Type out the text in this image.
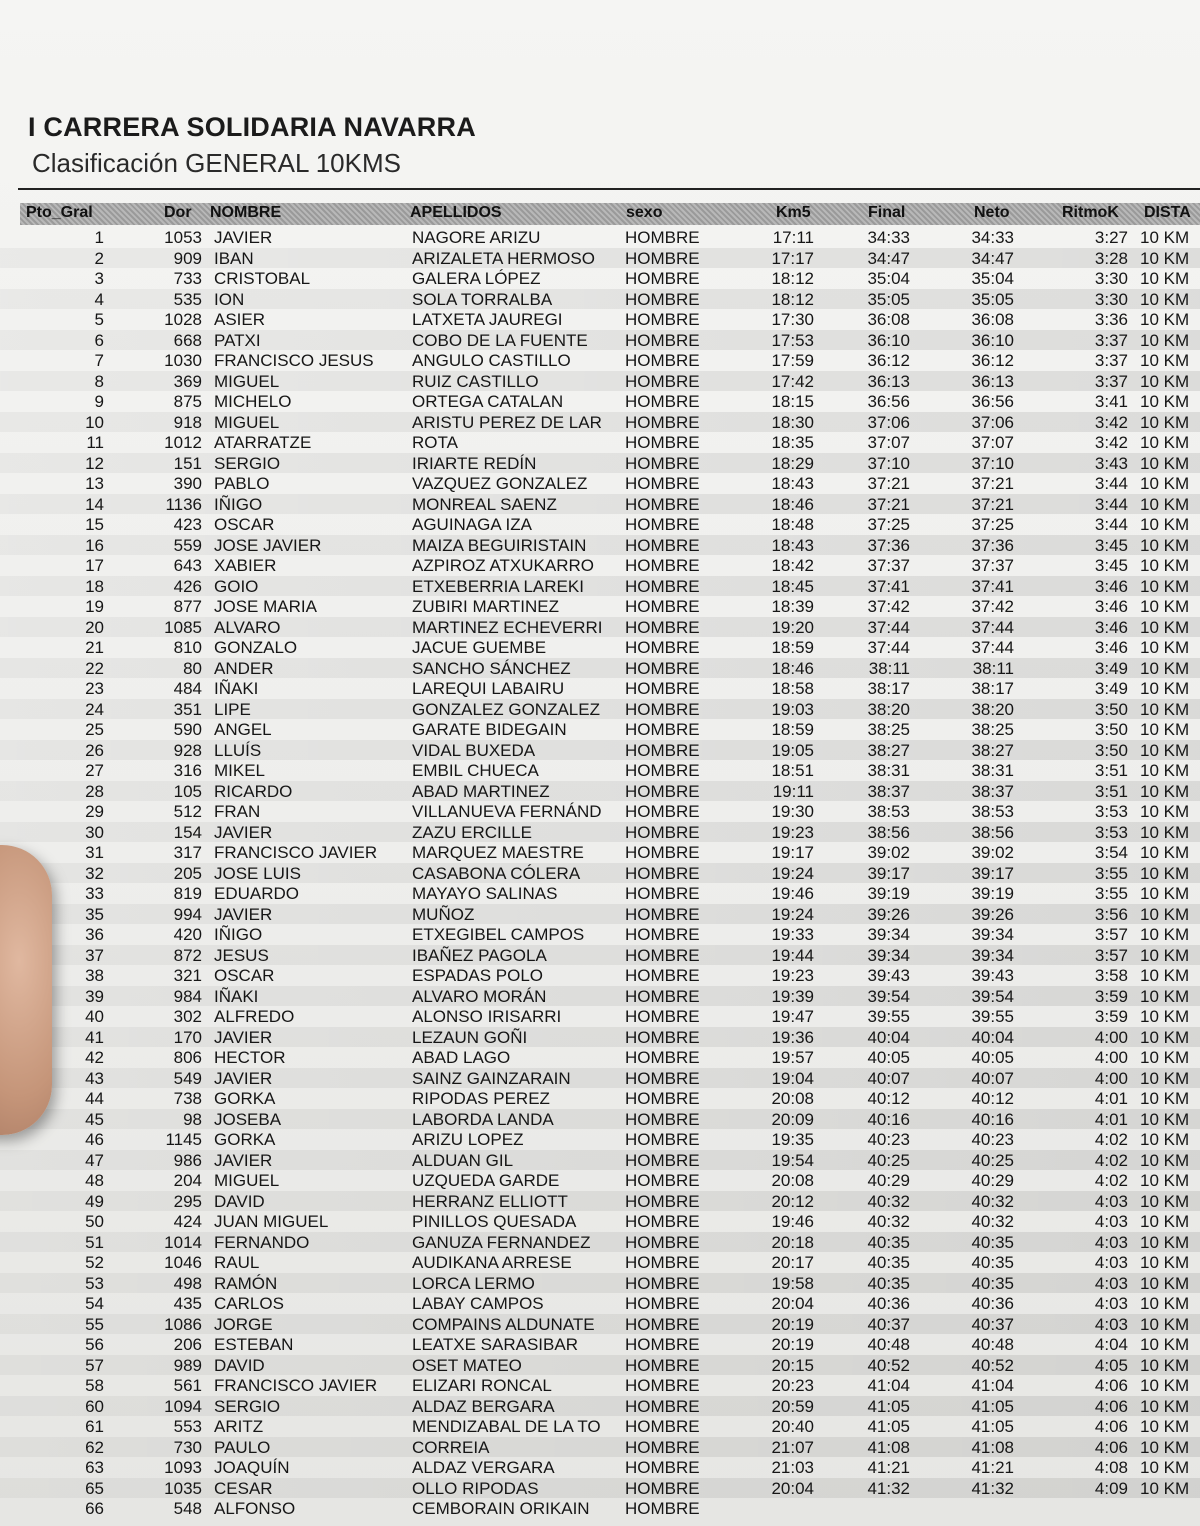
I CARRERA SOLIDARIA NAVARRA
Clasificación GENERAL 10KMS
Pto_Gral	Dor NOMBRE	APELLIDOS	sexo	Km5	Final	Neto	RitmoK DISTA
1	1053 JAVIER	NAGORE ARIZU	HOMBRE	17:11	34:33	34:33	3:27 10 KM
2	909 IBAN	ARIZALETA HERMOSO	HOMBRE	17:17	34:47	34:47	3:28 10 KM
3	733 CRISTOBAL	GALERA LÓPEZ	HOMBRE	18:12	35:04	35:04	3:30 10 KM
4	535 ION	SOLA TORRALBA	HOMBRE	18:12	35:05	35:05	3:30 10 KM
5	1028 ASIER	LATXETA JAUREGI	HOMBRE	17:30	36:08	36:08	3:36 10 KM
6	668 PATXI	COBO DE LA FUENTE	HOMBRE	17:53	36:10	36:10	3:37 10 KM
7	1030 FRANCISCO JESUS	ANGULO CASTILLO	HOMBRE	17:59	36:12	36:12	3:37 10 KM
8	369 MIGUEL	RUIZ CASTILLO	HOMBRE	17:42	36:13	36:13	3:37 10 KM
9	875 MICHELO	ORTEGA CATALAN	HOMBRE	18:15	36:56	36:56	3:41 10 KM
10	918 MIGUEL	ARISTU PEREZ DE LAR	HOMBRE	18:30	37:06	37:06	3:42 10 KM
11	1012 ATARRATZE	ROTA	HOMBRE	18:35	37:07	37:07	3:42 10 KM
12	151 SERGIO	IRIARTE REDÍN	HOMBRE	18:29	37:10	37:10	3:43 10 KM
13	390 PABLO	VAZQUEZ GONZALEZ	HOMBRE	18:43	37:21	37:21	3:44 10 KM
14	1136 IÑIGO	MONREAL SAENZ	HOMBRE	18:46	37:21	37:21	3:44 10 KM
15	423 OSCAR	AGUINAGA IZA	HOMBRE	18:48	37:25	37:25	3:44 10 KM
16	559 JOSE JAVIER	MAIZA BEGUIRISTAIN	HOMBRE	18:43	37:36	37:36	3:45 10 KM
17	643 XABIER	AZPIROZ ATXUKARRO	HOMBRE	18:42	37:37	37:37	3:45 10 KM
18	426 GOIO	ETXEBERRIA LAREKI	HOMBRE	18:45	37:41	37:41	3:46 10 KM
19	877 JOSE MARIA	ZUBIRI MARTINEZ	HOMBRE	18:39	37:42	37:42	3:46 10 KM
20	1085 ALVARO	MARTINEZ ECHEVERRI	HOMBRE	19:20	37:44	37:44	3:46 10 KM
21	810 GONZALO	JACUE GUEMBE	HOMBRE	18:59	37:44	37:44	3:46 10 KM
22	80 ANDER	SANCHO SÁNCHEZ	HOMBRE	18:46	38:11	38:11	3:49 10 KM
23	484 IÑAKI	LAREQUI LABAIRU	HOMBRE	18:58	38:17	38:17	3:49 10 KM
24	351 LIPE	GONZALEZ GONZALEZ	HOMBRE	19:03	38:20	38:20	3:50 10 KM
25	590 ANGEL	GARATE BIDEGAIN	HOMBRE	18:59	38:25	38:25	3:50 10 KM
26	928 LLUÍS	VIDAL BUXEDA	HOMBRE	19:05	38:27	38:27	3:50 10 KM
27	316 MIKEL	EMBIL CHUECA	HOMBRE	18:51	38:31	38:31	3:51 10 KM
28	105 RICARDO	ABAD MARTINEZ	HOMBRE	19:11	38:37	38:37	3:51 10 KM
29	512 FRAN	VILLANUEVA FERNÁND	HOMBRE	19:30	38:53	38:53	3:53 10 KM
30	154 JAVIER	ZAZU ERCILLE	HOMBRE	19:23	38:56	38:56	3:53 10 KM
31	317 FRANCISCO JAVIER	MARQUEZ MAESTRE	HOMBRE	19:17	39:02	39:02	3:54 10 KM
32	205 JOSE LUIS	CASABONA CÓLERA	HOMBRE	19:24	39:17	39:17	3:55 10 KM
33	819 EDUARDO	MAYAYO SALINAS	HOMBRE	19:46	39:19	39:19	3:55 10 KM
35	994 JAVIER	MUÑOZ	HOMBRE	19:24	39:26	39:26	3:56 10 KM
36	420 IÑIGO	ETXEGIBEL CAMPOS	HOMBRE	19:33	39:34	39:34	3:57 10 KM
37	872 JESUS	IBAÑEZ PAGOLA	HOMBRE	19:44	39:34	39:34	3:57 10 KM
38	321 OSCAR	ESPADAS POLO	HOMBRE	19:23	39:43	39:43	3:58 10 KM
39	984 IÑAKI	ALVARO MORÁN	HOMBRE	19:39	39:54	39:54	3:59 10 KM
40	302 ALFREDO	ALONSO IRISARRI	HOMBRE	19:47	39:55	39:55	3:59 10 KM
41	170 JAVIER	LEZAUN GOÑI	HOMBRE	19:36	40:04	40:04	4:00 10 KM
42	806 HECTOR	ABAD LAGO	HOMBRE	19:57	40:05	40:05	4:00 10 KM
43	549 JAVIER	SAINZ GAINZARAIN	HOMBRE	19:04	40:07	40:07	4:00 10 KM
44	738 GORKA	RIPODAS PEREZ	HOMBRE	20:08	40:12	40:12	4:01 10 KM
45	98 JOSEBA	LABORDA LANDA	HOMBRE	20:09	40:16	40:16	4:01 10 KM
46	1145 GORKA	ARIZU LOPEZ	HOMBRE	19:35	40:23	40:23	4:02 10 KM
47	986 JAVIER	ALDUAN GIL	HOMBRE	19:54	40:25	40:25	4:02 10 KM
48	204 MIGUEL	UZQUEDA GARDE	HOMBRE	20:08	40:29	40:29	4:02 10 KM
49	295 DAVID	HERRANZ ELLIOTT	HOMBRE	20:12	40:32	40:32	4:03 10 KM
50	424 JUAN MIGUEL	PINILLOS QUESADA	HOMBRE	19:46	40:32	40:32	4:03 10 KM
51	1014 FERNANDO	GANUZA FERNANDEZ	HOMBRE	20:18	40:35	40:35	4:03 10 KM
52	1046 RAUL	AUDIKANA ARRESE	HOMBRE	20:17	40:35	40:35	4:03 10 KM
53	498 RAMÓN	LORCA LERMO	HOMBRE	19:58	40:35	40:35	4:03 10 KM
54	435 CARLOS	LABAY CAMPOS	HOMBRE	20:04	40:36	40:36	4:03 10 KM
55	1086 JORGE	COMPAINS ALDUNATE	HOMBRE	20:19	40:37	40:37	4:03 10 KM
56	206 ESTEBAN	LEATXE SARASIBAR	HOMBRE	20:19	40:48	40:48	4:04 10 KM
57	989 DAVID	OSET MATEO	HOMBRE	20:15	40:52	40:52	4:05 10 KM
58	561 FRANCISCO JAVIER	ELIZARI RONCAL	HOMBRE	20:23	41:04	41:04	4:06 10 KM
60	1094 SERGIO	ALDAZ BERGARA	HOMBRE	20:59	41:05	41:05	4:06 10 KM
61	553 ARITZ	MENDIZABAL DE LA TO	HOMBRE	20:40	41:05	41:05	4:06 10 KM
62	730 PAULO	CORREIA	HOMBRE	21:07	41:08	41:08	4:06 10 KM
63	1093 JOAQUÍN	ALDAZ VERGARA	HOMBRE	21:03	41:21	41:21	4:08 10 KM
65	1035 CESAR	OLLO RIPODAS	HOMBRE	20:04	41:32	41:32	4:09 10 KM
66	548 ALFONSO	CEMBORAIN ORIKAIN	HOMBRE
